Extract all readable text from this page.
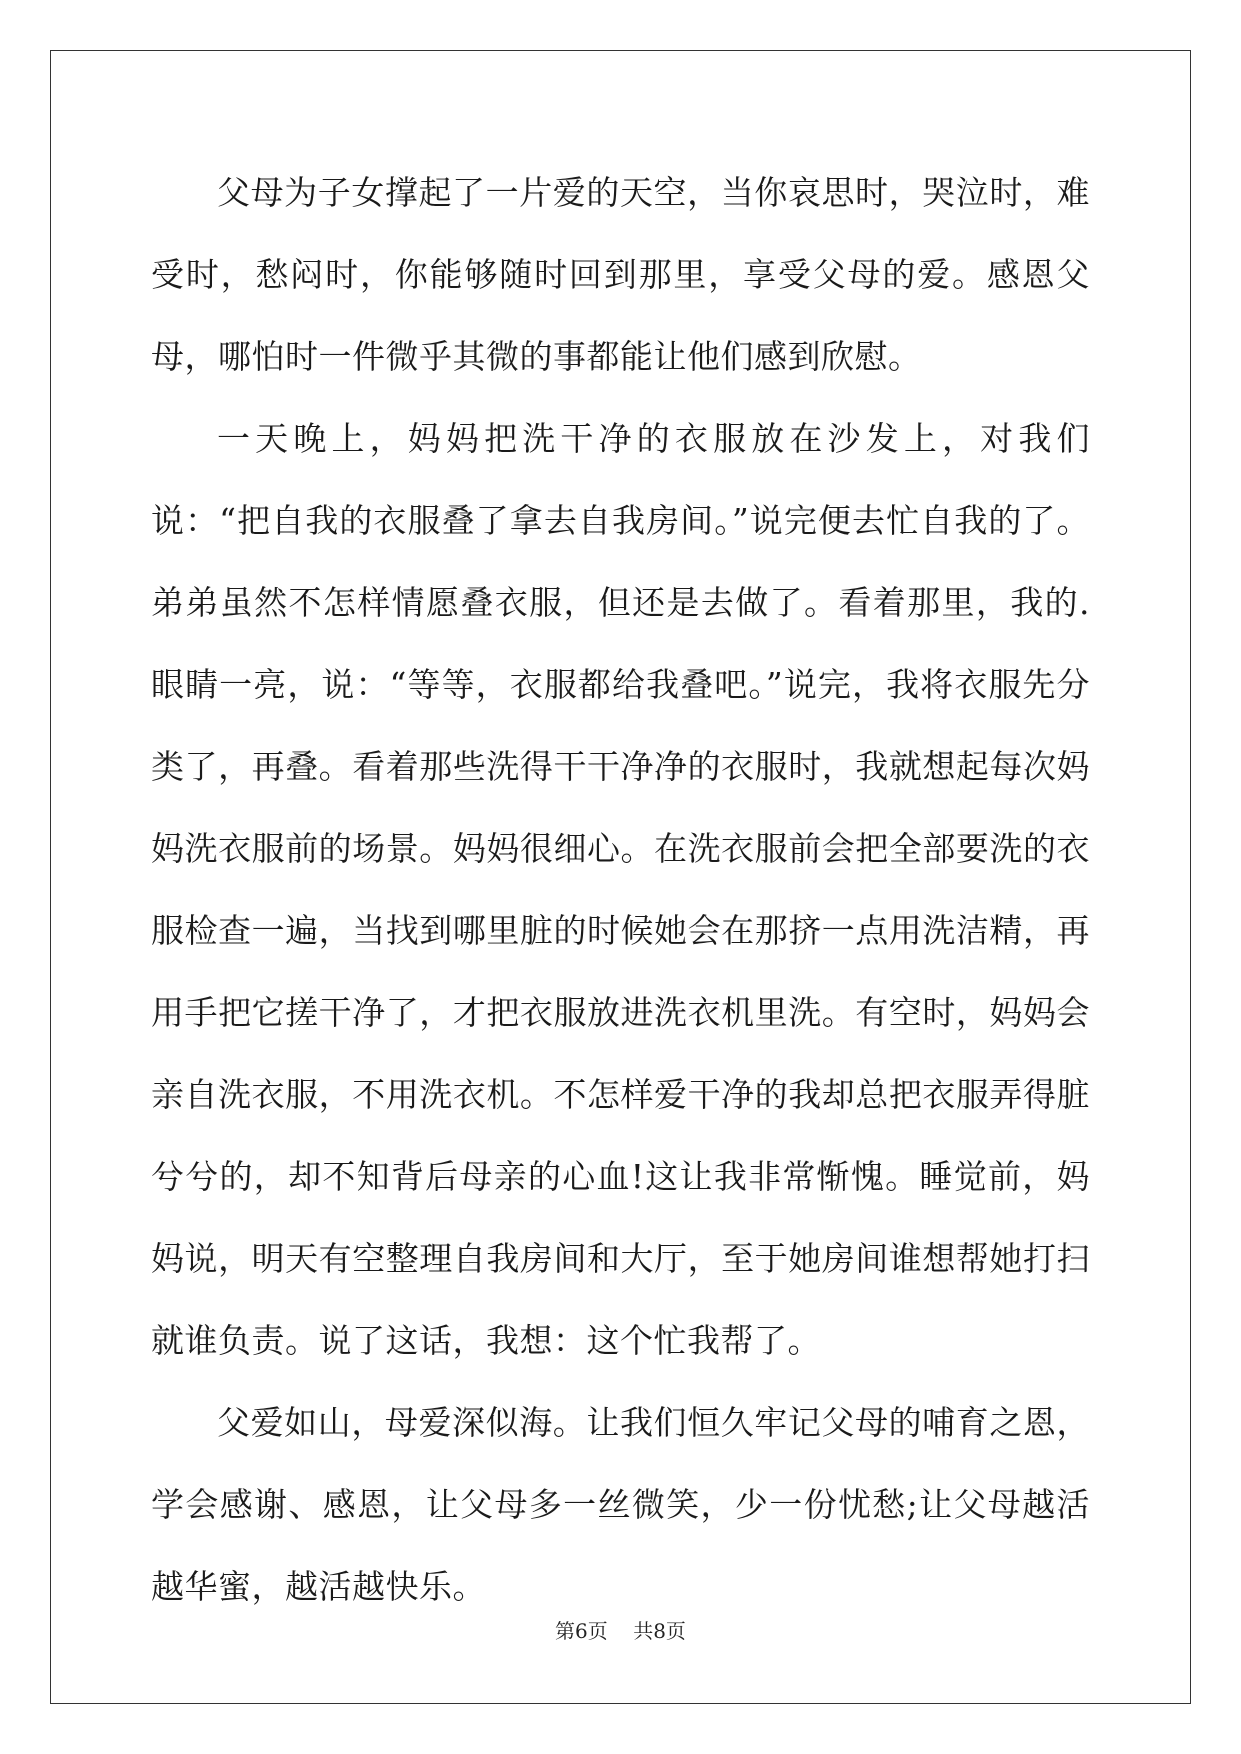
父母为子女撑起了一片爱的天空，当你哀思时，哭泣时，难受时，愁闷时，你能够随时回到那里，享受父母的爱。感恩父母，哪怕时一件微乎其微的事都能让他们感到欣慰。

一天晚上，妈妈把洗干净的衣服放在沙发上，对我们说：“把自我的衣服叠了拿去自我房间。”说完便去忙自我的了。弟弟虽然不怎样情愿叠衣服，但还是去做了。看着那里，我的.眼睛一亮，说：“等等，衣服都给我叠吧。”说完，我将衣服先分类了，再叠。看着那些洗得干干净净的衣服时，我就想起每次妈妈洗衣服前的场景。妈妈很细心。在洗衣服前会把全部要洗的衣服检查一遍，当找到哪里脏的时候她会在那挤一点用洗洁精，再用手把它搓干净了，才把衣服放进洗衣机里洗。有空时，妈妈会亲自洗衣服，不用洗衣机。不怎样爱干净的我却总把衣服弄得脏兮兮的，却不知背后母亲的心血!这让我非常惭愧。睡觉前，妈妈说，明天有空整理自我房间和大厅，至于她房间谁想帮她打扫就谁负责。说了这话，我想：这个忙我帮了。

父爱如山，母爱深似海。让我们恒久牢记父母的哺育之恩，学会感谢、感恩，让父母多一丝微笑，少一份忧愁;让父母越活越华蜜，越活越快乐。

第6页    共8页
